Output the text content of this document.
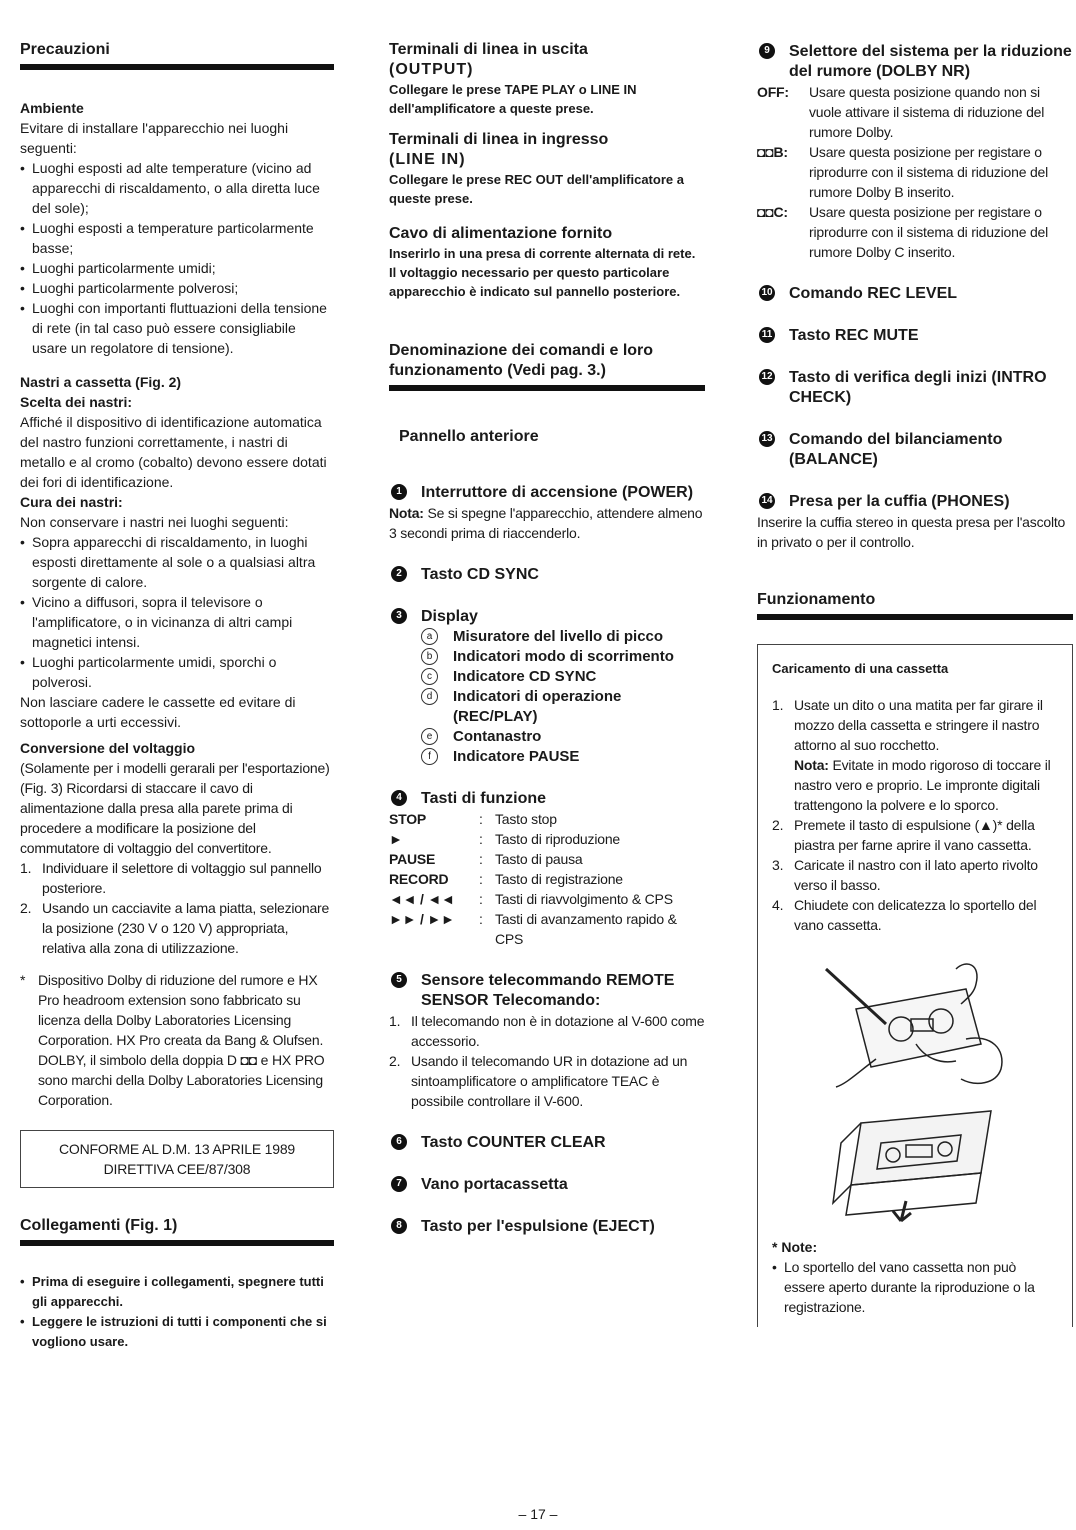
Precauzioni
Ambiente

Evitare di installare l'apparecchio nei luoghi seguenti:

• Luoghi esposti ad alte temperature (vicino ad apparecchi di riscaldamento, o alla diretta luce del sole);
• Luoghi esposti a temperature particolarmente basse;
• Luoghi particolarmente umidi;
• Luoghi particolarmente polverosi;
• Luoghi con importanti fluttuazioni della tensione di rete (in tal caso può essere consigliabile usare un regolatore di tensione).
Nastri a cassetta (Fig. 2)
Scelta dei nastri:

Affiché il dispositivo di identificazione automatica del nastro funzioni correttamente, i nastri di metallo e al cromo (cobalto) devono essere dotati dei fori di identificazione.

Cura dei nastri:

Non conservare i nastri nei luoghi seguenti:

• Sopra apparecchi di riscaldamento, in luoghi esposti direttamente al sole o a qualsiasi altra sorgente di calore.
• Vicino a diffusori, sopra il televisore o l'amplificatore, o in vicinanza di altri campi magnetici intensi.
• Luoghi particolarmente umidi, sporchi o polverosi.

Non lasciare cadere le cassette ed evitare di sottoporle a urti eccessivi.

Conversione del voltaggio

(Solamente per i modelli gerarali per l'esportazione) (Fig. 3) Ricordarsi di staccare il cavo di alimentazione dalla presa alla parete prima di procedere a modificare la posizione del commutatore di voltaggio del convertitore.

1. Individuare il selettore di voltaggio sul pannello posteriore.
2. Usando un cacciavite a lama piatta, selezionare la posizione (230 V o 120 V) appropriata, relativa alla zona di utilizzazione.
* Dispositivo Dolby di riduzione del rumore e HX Pro headroom extension sono fabbricato su licenza della Dolby Laboratories Licensing Corporation. HX Pro creata da Bang & Olufsen.
DOLBY, il simbolo della doppia D ◘◘ e HX PRO sono marchi della Dolby Laboratories Licensing Corporation.
CONFORME AL D.M. 13 APRILE 1989
DIRETTIVA CEE/87/308
Collegamenti (Fig. 1)
• Prima di eseguire i collegamenti, spegnere tutti gli apparecchi.
• Leggere le istruzioni di tutti i componenti che si vogliono usare.
Terminali di linea in uscita
(OUTPUT)

Collegare le prese TAPE PLAY o LINE IN dell'amplificatore a queste prese.

Terminali di linea in ingresso
(LINE IN)

Collegare le prese REC OUT dell'amplificatore a queste prese.

Cavo di alimentazione fornito

Inserirlo in una presa di corrente alternata di rete. Il voltaggio necessario per questo particolare apparecchio è indicato sul pannello posteriore.

Denominazione dei comandi e loro funzionamento (Vedi pag. 3.)
Pannello anteriore
1	Interruttore di accensione (POWER)

Nota: Se si spegne l'apparecchio, attendere almeno 3 secondi prima di riaccenderlo.

2	Tasto CD SYNC
3	Display
a	Misuratore del livello di picco
b	Indicatori modo di scorrimento
c	Indicatore CD SYNC
d	Indicatori di operazione (REC/PLAY)
e	Contanastro
f	Indicatore PAUSE
4	Tasti di funzione
STOP	: Tasto stop
►	: Tasto di riproduzione
PAUSE	: Tasto di pausa
RECORD	: Tasto di registrazione
◄◄ / ◄◄	: Tasti di riavvolgimento & CPS
►► / ►►	: Tasti di avanzamento rapido & CPS
5	Sensore telecommando REMOTE SENSOR Telecomando:
1. Il telecomando non è in dotazione al V-600 come accessorio.
2. Usando il telecomando UR in dotazione ad un sintoamplificatore o amplificatore TEAC è possibile controllare il V-600.
6	Tasto COUNTER CLEAR
7	Vano portacassetta
8	Tasto per l'espulsione (EJECT)
9	Selettore del sistema per la riduzione del rumore (DOLBY NR)
OFF:	Usare questa posizione quando non si vuole attivare il sistema di riduzione del rumore Dolby.
◘◘B:	Usare questa posizione per registare o riprodurre con il sistema di riduzione del rumore Dolby B inserito.
◘◘C:	Usare questa posizione per registare o riprodurre con il sistema di riduzione del rumore Dolby C inserito.
10 Comando REC LEVEL
11 Tasto REC MUTE
12 Tasto di verifica degli inizi (INTRO CHECK)
13 Comando del bilanciamento (BALANCE)
14 Presa per la cuffia (PHONES)

Inserire la cuffia stereo in questa presa per l'ascolto in privato o per il controllo.

Funzionamento
Caricamento di una cassetta
1. Usate un dito o una matita per far girare il mozzo della cassetta e stringere il nastro attorno al suo rocchetto.
Nota: Evitate in modo rigoroso di toccare il nastro vero e proprio. Le impronte digitali trattengono la polvere e lo sporco.
2. Premete il tasto di espulsione (▲)* della piastra per farne aprire il vano cassetta.
3. Caricate il nastro con il lato aperto rivolto verso il basso.
4. Chiudete con delicatezza lo sportello del vano cassetta.
* Note:
• Lo sportello del vano cassetta non può essere aperto durante la riproduzione o la registrazione.
– 17 –
